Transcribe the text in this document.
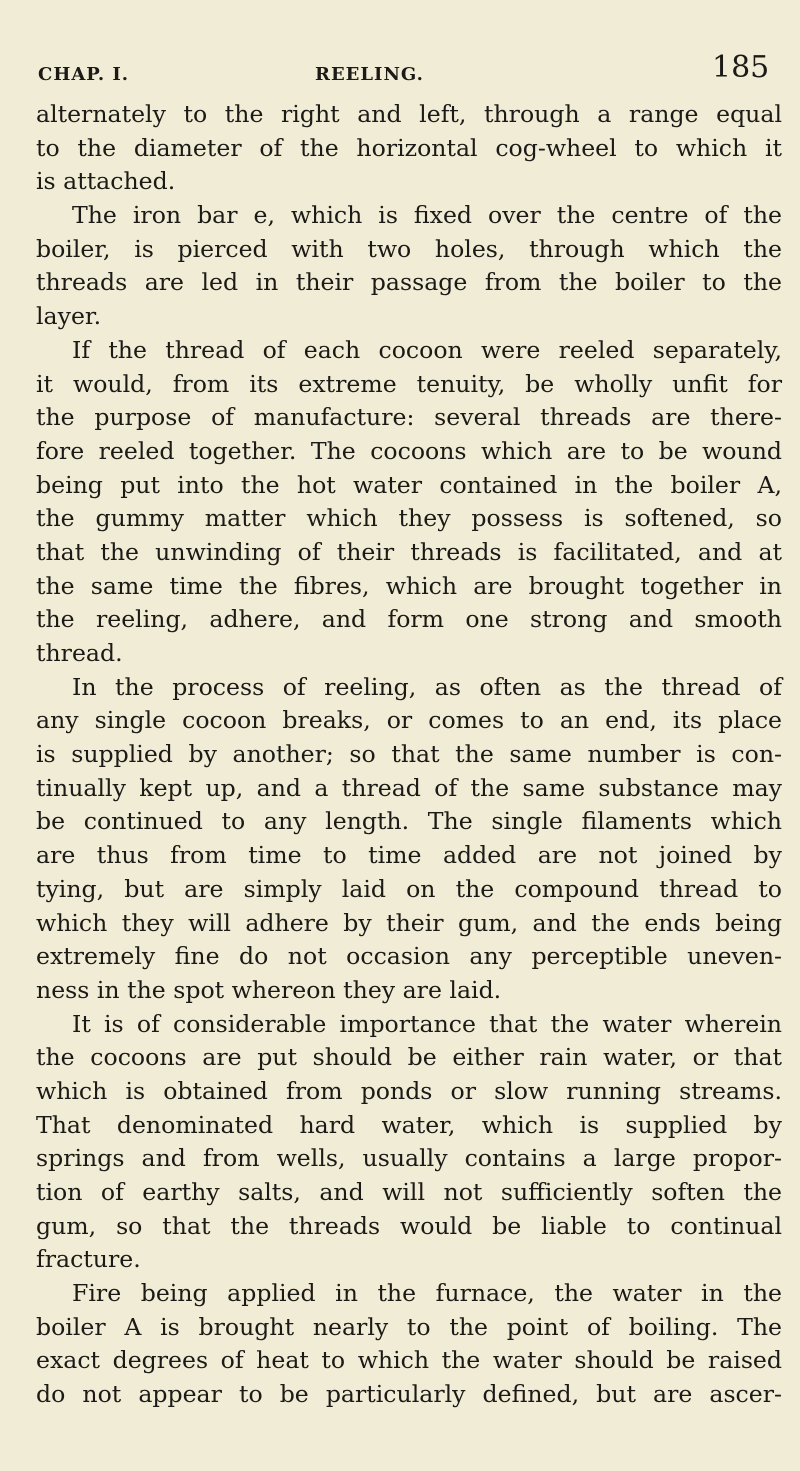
CHAP. I.	REELING.	185
alternately to the right and left, through a range equal
to the diameter of the horizontal cog-wheel to which it
is attached.
The iron bar e, which is fixed over the centre of the
boiler, is pierced with two holes, through which the
threads are led in their passage from the boiler to the
layer.
If the thread of each cocoon were reeled separately,
it would, from its extreme tenuity, be wholly unfit for
the purpose of manufacture: several threads are there-
fore reeled together. The cocoons which are to be wound
being put into the hot water contained in the boiler A,
the gummy matter which they possess is softened, so
that the unwinding of their threads is facilitated, and at
the same time the fibres, which are brought together in
the reeling, adhere, and form one strong and smooth
thread.
In the process of reeling, as often as the thread of
any single cocoon breaks, or comes to an end, its place
is supplied by another; so that the same number is con-
tinually kept up, and a thread of the same substance may
be continued to any length. The single filaments which
are thus from time to time added are not joined by
tying, but are simply laid on the compound thread to
which they will adhere by their gum, and the ends being
extremely fine do not occasion any perceptible uneven-
ness in the spot whereon they are laid.
It is of considerable importance that the water wherein
the cocoons are put should be either rain water, or that
which is obtained from ponds or slow running streams.
That denominated hard water, which is supplied by
springs and from wells, usually contains a large propor-
tion of earthy salts, and will not sufficiently soften the
gum, so that the threads would be liable to continual
fracture.
Fire being applied in the furnace, the water in the
boiler A is brought nearly to the point of boiling. The
exact degrees of heat to which the water should be raised
do not appear to be particularly defined, but are ascer-
